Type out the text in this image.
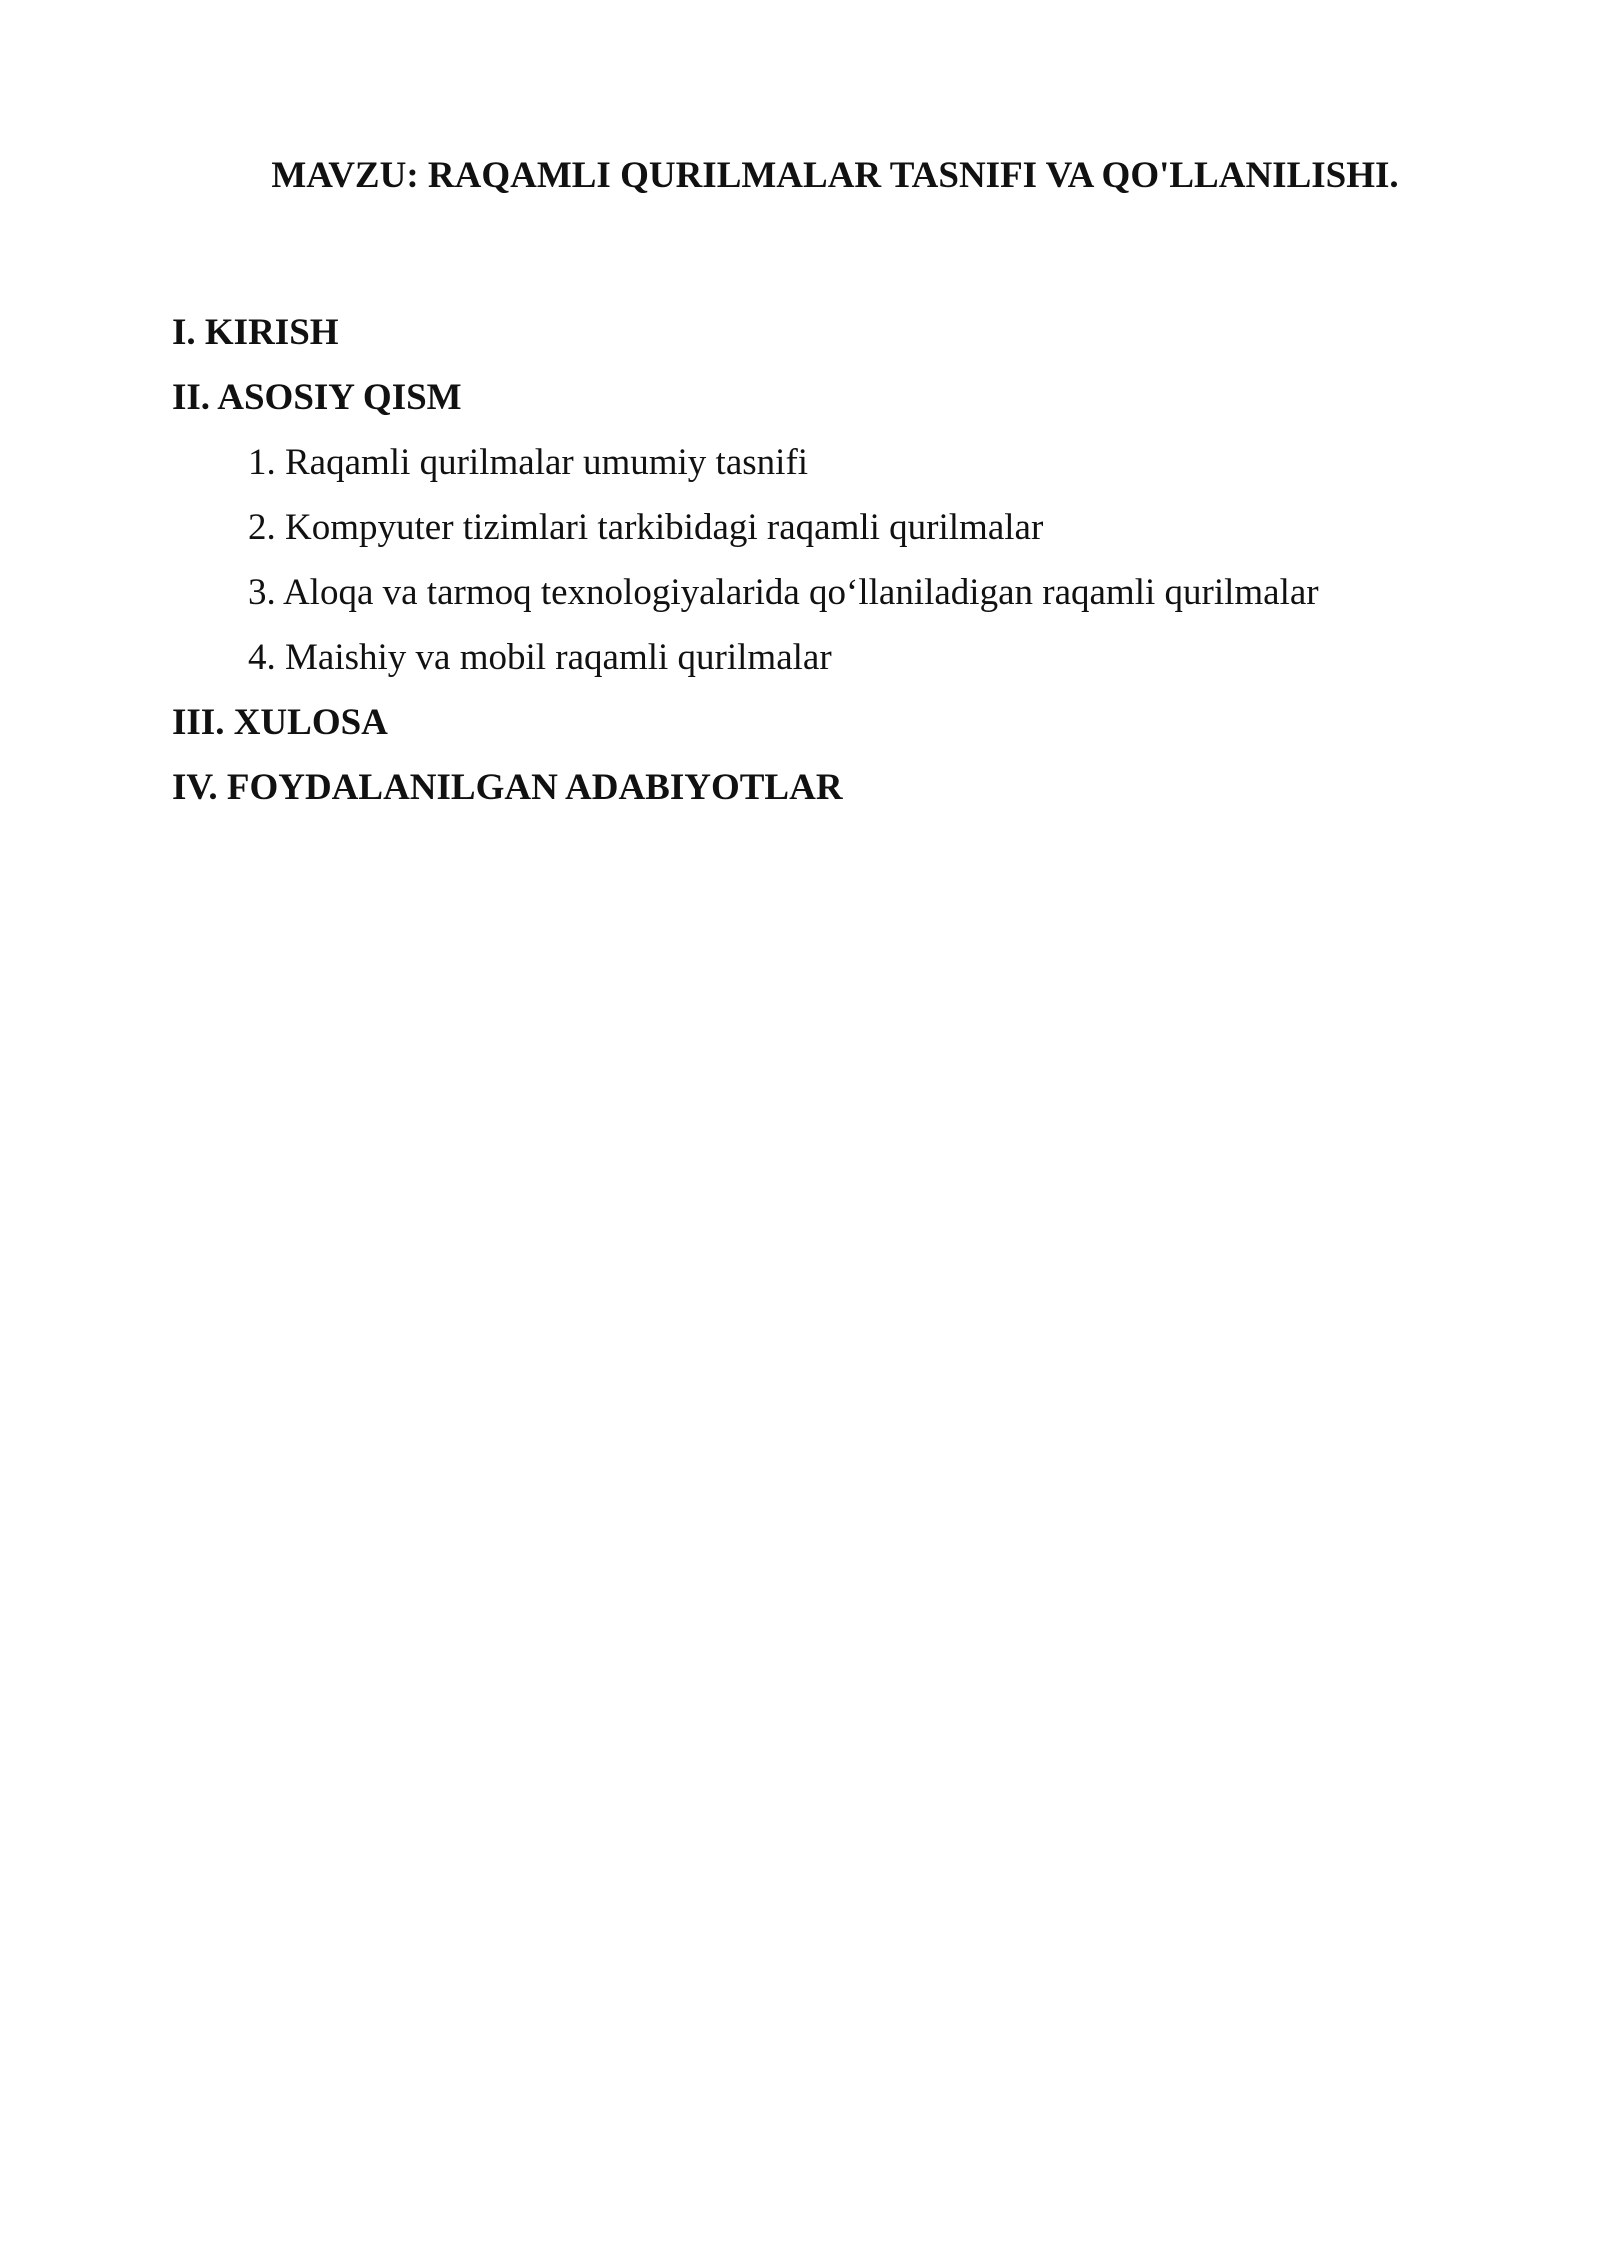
MAVZU: RAQAMLI QURILMALAR TASNIFI VA QO'LLANILISHI.
I. KIRISH
II. ASOSIY QISM
1. Raqamli qurilmalar umumiy tasnifi
2. Kompyuter tizimlari tarkibidagi raqamli qurilmalar
3. Aloqa va tarmoq texnologiyalarida qo‘llaniladigan raqamli qurilmalar
4. Maishiy va mobil raqamli qurilmalar
III. XULOSA
IV. FOYDALANILGAN ADABIYOTLAR
